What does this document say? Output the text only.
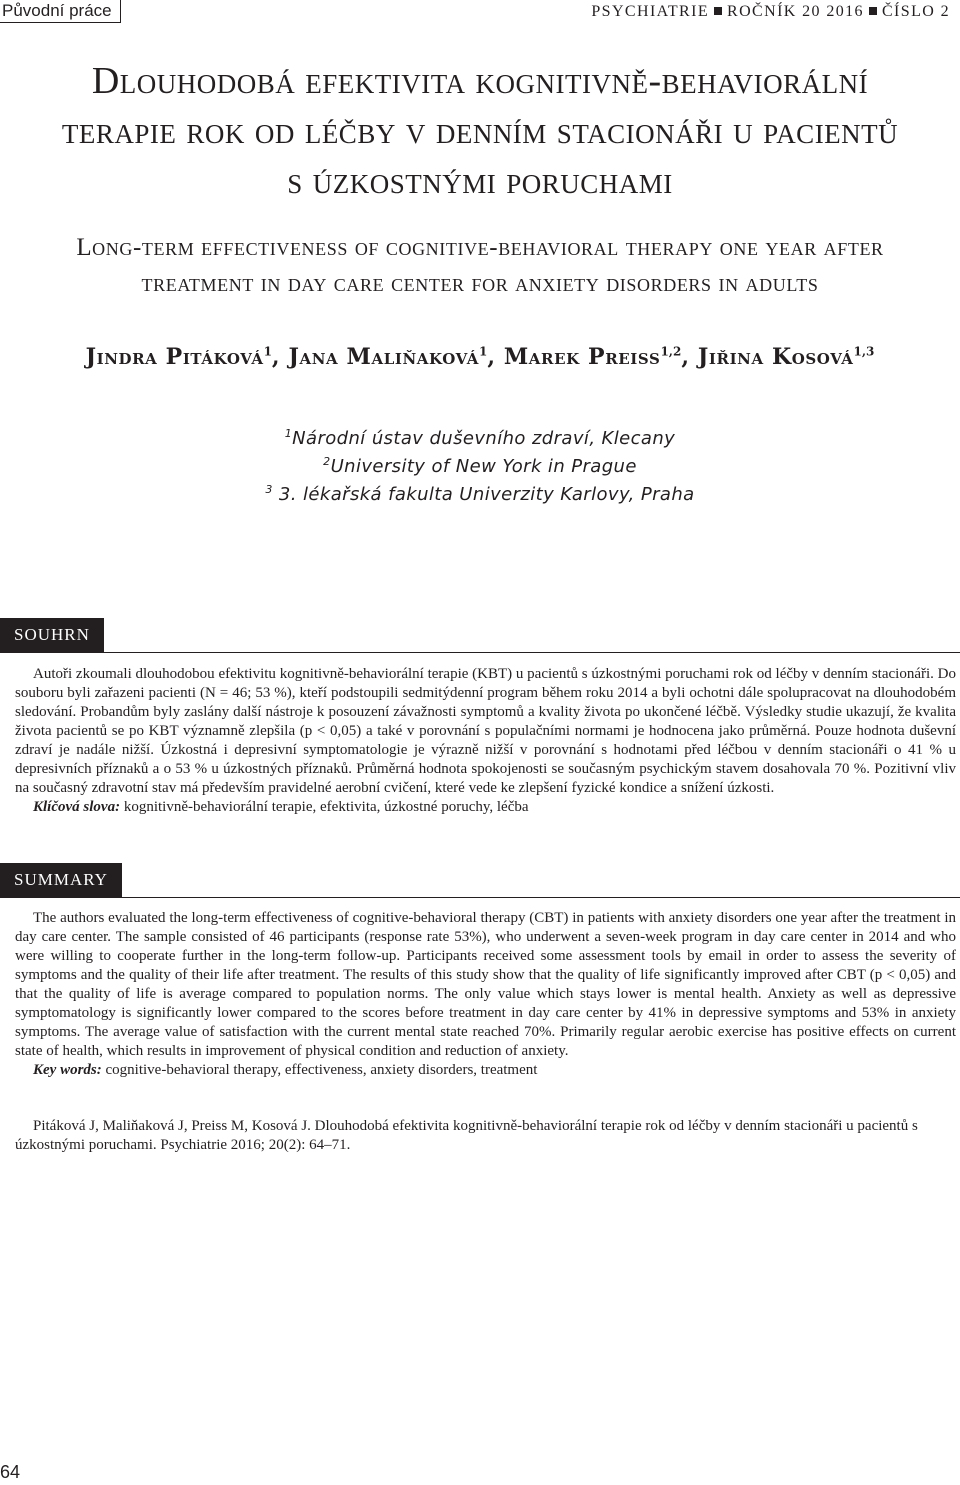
Původní práce	PSYCHIATRIE ROČNÍK 20 2016 ČÍSLO 2
Dlouhodobá efektivita kognitivně-behaviorální
terapie rok od léčby v denním stacionáři u pacientů
s úzkostnými poruchami
Long-term effectiveness of cognitive-behavioral therapy one year after
treatment in day care center for anxiety disorders in adults
Jindra Pitáková$^1$, Jana Maliňaková$^1$, Marek Preiss$^{1,2}$, Jiřina Kosová$^{1,3}$
$^1$Národní ústav duševního zdraví, Klecany
$^2$University of New York in Prague
$^3$ 3. lékařská fakulta Univerzity Karlovy, Praha
SOUHRN

Autoři zkoumali dlouhodobou efektivitu kognitivně-behaviorální terapie (KBT) u pacientů s úzkostnými poruchami rok od léčby v denním stacionáři. Do souboru byli zařazeni pacienti (N = 46; 53 %), kteří podstoupili sedmitýdenní program během roku 2014 a byli ochotni dále spolupracovat na dlouhodobém sledování. Probandům byly zaslány další nástroje k posouzení závažnosti symptomů a kvality života po ukončené léčbě. Výsledky studie ukazují, že kvalita života pacientů se po KBT významně zlepšila (p < 0,05) a také v porovnání s populačními normami je hodnocena jako průměrná. Pouze hodnota duševní zdraví je nadále nižší. Úzkostná i depresivní symptomatologie je výrazně nižší v porovnání s hodnotami před léčbou v denním stacionáři o 41 % u depresivních příznaků a o 53 % u úzkostných příznaků. Průměrná hodnota spokojenosti se současným psychickým stavem dosahovala 70 %. Pozitivní vliv na současný zdravotní stav má především pravidelné aerobní cvičení, které vede ke zlepšení fyzické kondice a snížení úzkosti.
Klíčová slova: kognitivně-behaviorální terapie, efektivita, úzkostné poruchy, léčba

SUMMARY

The authors evaluated the long-term effectiveness of cognitive-behavioral therapy (CBT) in patients with anxiety disorders one year after the treatment in day care center. The sample consisted of 46 participants (response rate 53%), who underwent a seven-week program in day care center in 2014 and who were willing to cooperate further in the long-term follow-up. Participants received some assessment tools by email in order to assess the severity of symptoms and the quality of their life after treatment. The results of this study show that the quality of life significantly improved after CBT (p < 0,05) and that the quality of life is average compared to population norms. The only value which stays lower is mental health. Anxiety as well as depressive symptomatology is significantly lower compared to the scores before treatment in day care center by 41% in depressive symptoms and 53% in anxiety symptoms. The average value of satisfaction with the current mental state reached 70%. Primarily regular aerobic exercise has positive effects on current state of health, which results in improvement of physical condition and reduction of anxiety.
Key words: cognitive-behavioral therapy, effectiveness, anxiety disorders, treatment

Pitáková J, Maliňaková J, Preiss M, Kosová J. Dlouhodobá efektivita kognitivně-behaviorální terapie rok od léčby v denním stacionáři u pacientů s úzkostnými poruchami. Psychiatrie 2016; 20(2): 64–71.

64
